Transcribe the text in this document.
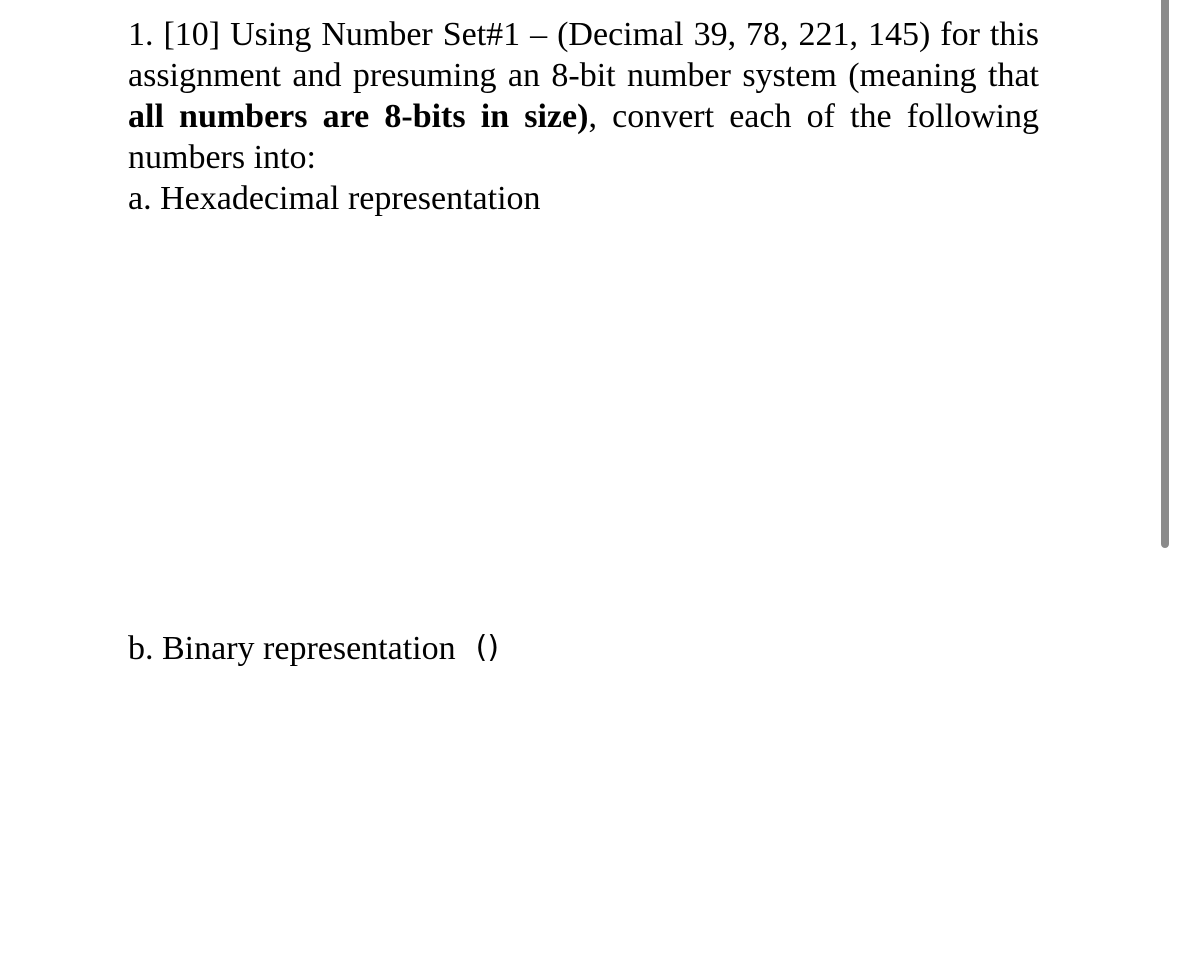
1. [10] Using Number Set#1 – (Decimal 39, 78, 221, 145) for this assignment and presuming an 8-bit number system (meaning that all numbers are 8-bits in size), convert each of the following numbers into:

a. Hexadecimal representation

b. Binary representation ()
